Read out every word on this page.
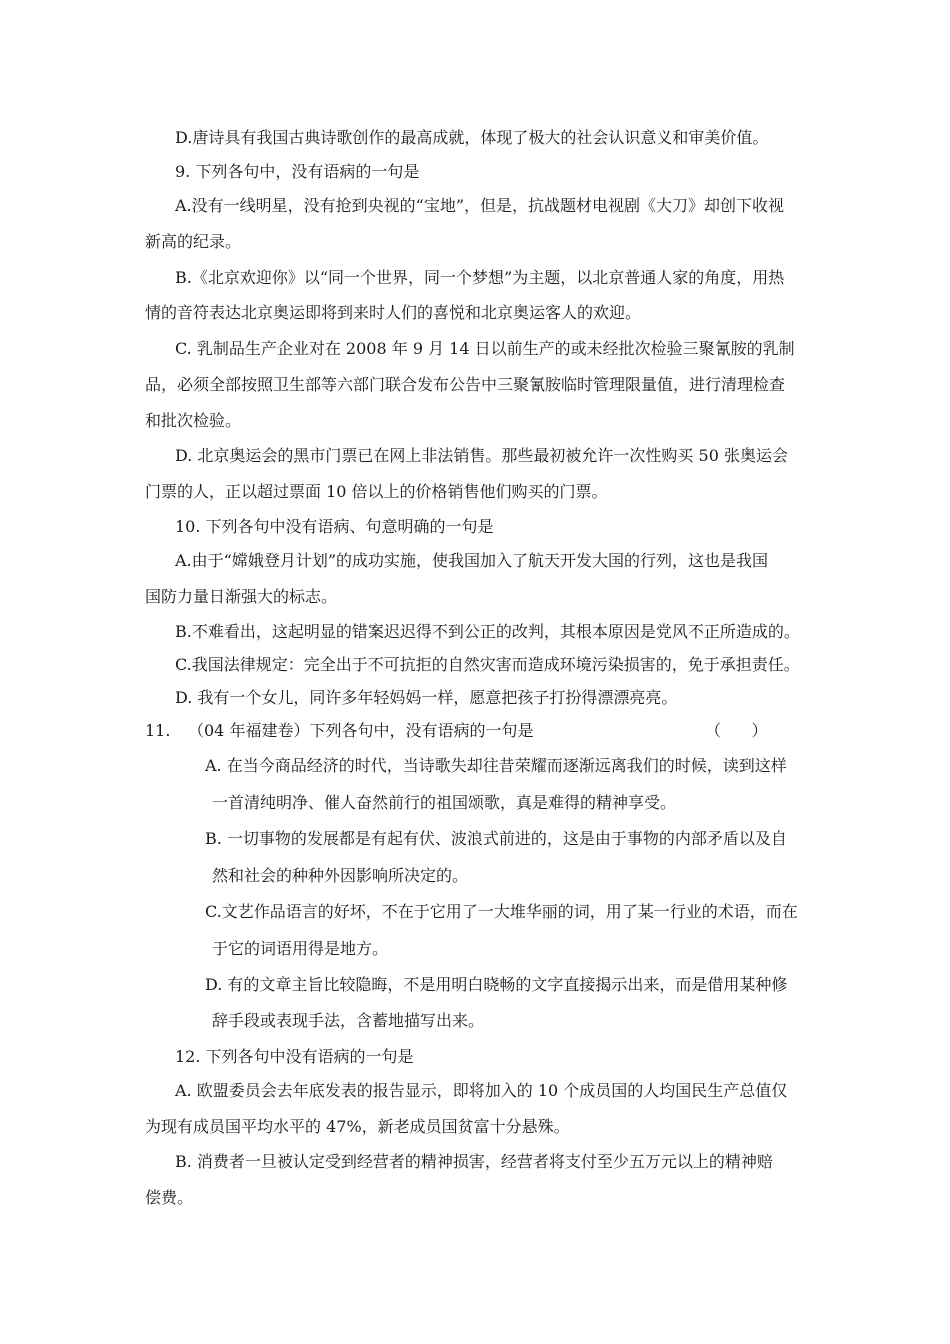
D.唐诗具有我国古典诗歌创作的最高成就，体现了极大的社会认识意义和审美价值。
9. 下列各句中，没有语病的一句是
A.没有一线明星，没有抢到央视的“宝地”，但是，抗战题材电视剧《大刀》却创下收视
新高的纪录。
B.《北京欢迎你》以“同一个世界，同一个梦想”为主题，以北京普通人家的角度，用热
情的音符表达北京奥运即将到来时人们的喜悦和北京奥运客人的欢迎。
C. 乳制品生产企业对在 2008 年 9 月 14 日以前生产的或未经批次检验三聚氰胺的乳制
品，必须全部按照卫生部等六部门联合发布公告中三聚氰胺临时管理限量值，进行清理检查
和批次检验。
D. 北京奥运会的黑市门票已在网上非法销售。那些最初被允许一次性购买 50 张奥运会
门票的人，正以超过票面 10 倍以上的价格销售他们购买的门票。
10. 下列各句中没有语病、句意明确的一句是
A.由于“嫦娥登月计划”的成功实施，使我国加入了航天开发大国的行列，这也是我国
国防力量日渐强大的标志。
B.不难看出，这起明显的错案迟迟得不到公正的改判，其根本原因是党风不正所造成的。
C.我国法律规定：完全出于不可抗拒的自然灾害而造成环境污染损害的，免于承担责任。
D. 我有一个女儿，同许多年轻妈妈一样，愿意把孩子打扮得漂漂亮亮。
11. （04 年福建卷）下列各句中，没有语病的一句是	（      ）
A. 在当今商品经济的时代，当诗歌失却往昔荣耀而逐渐远离我们的时候，读到这样
一首清纯明净、催人奋然前行的祖国颂歌，真是难得的精神享受。
B. 一切事物的发展都是有起有伏、波浪式前进的，这是由于事物的内部矛盾以及自
然和社会的种种外因影响所决定的。
C.文艺作品语言的好坏，不在于它用了一大堆华丽的词，用了某一行业的术语，而在
于它的词语用得是地方。
D. 有的文章主旨比较隐晦，不是用明白晓畅的文字直接揭示出来，而是借用某种修
辞手段或表现手法，含蓄地描写出来。
12. 下列各句中没有语病的一句是
A. 欧盟委员会去年底发表的报告显示，即将加入的 10 个成员国的人均国民生产总值仅
为现有成员国平均水平的 47%，新老成员国贫富十分悬殊。
B. 消费者一旦被认定受到经营者的精神损害，经营者将支付至少五万元以上的精神赔
偿费。
